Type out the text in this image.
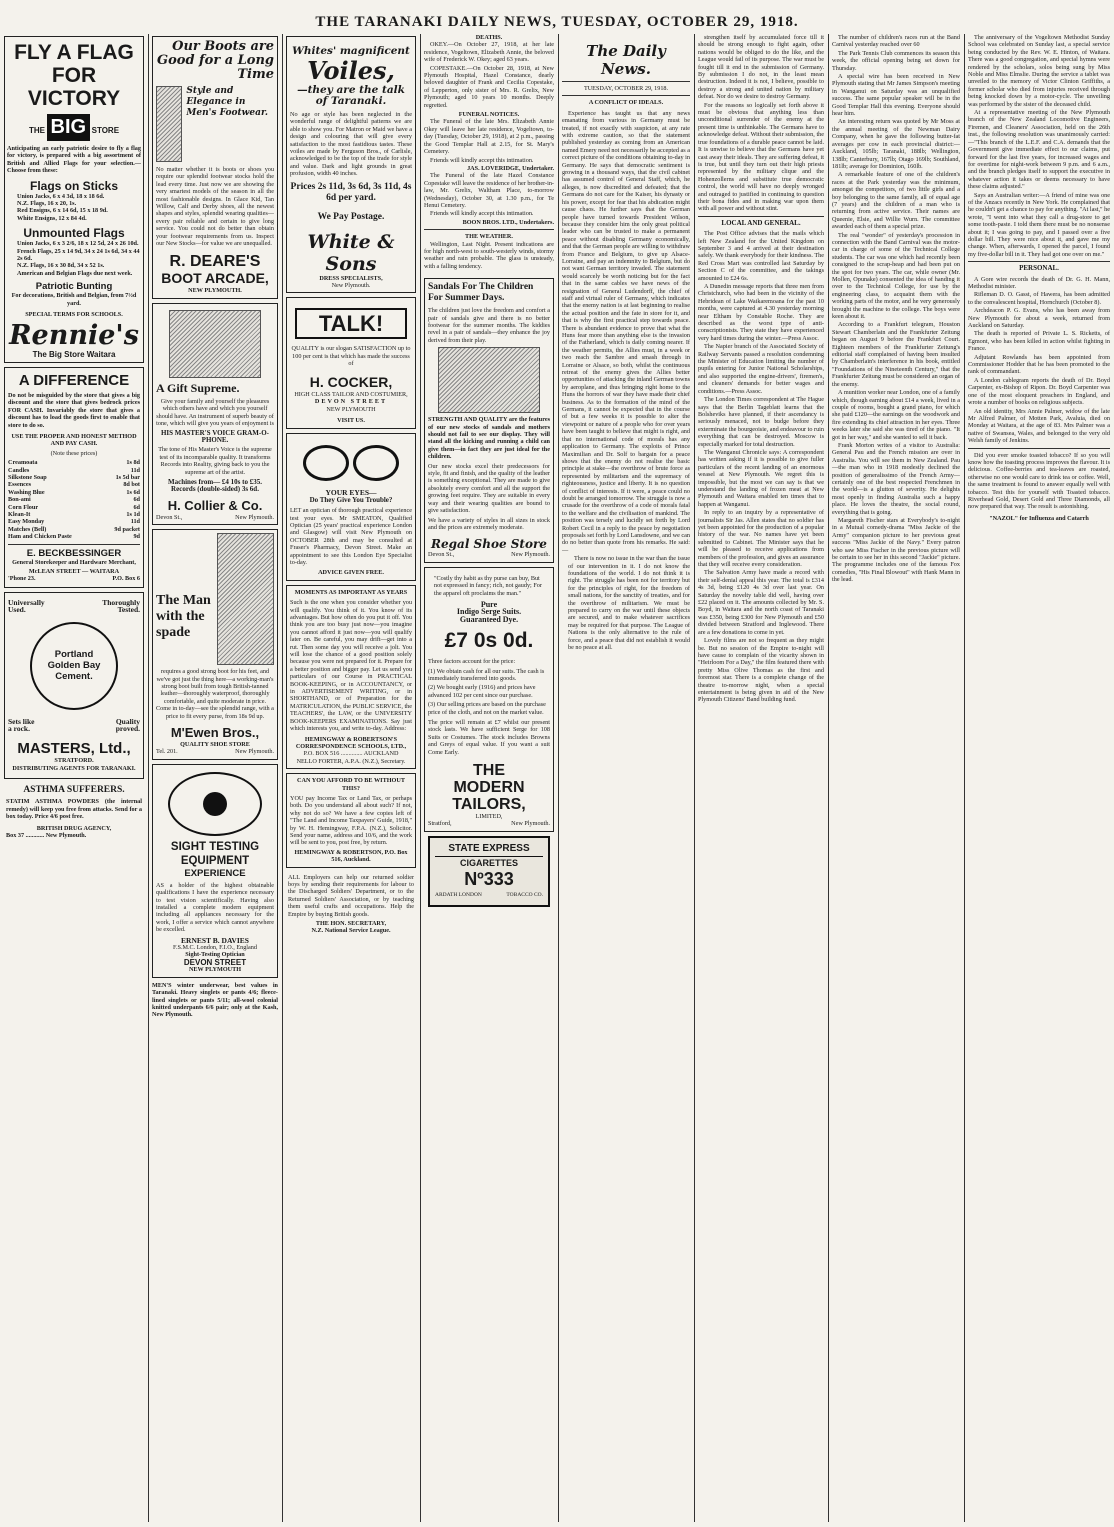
THE TARANAKI DAILY NEWS, TUESDAY, OCTOBER 29, 1918.
FLY A FLAG
FOR VICTORY
THE BIG STORE
Anticipating an early patriotic desire to fly a flag for victory, is prepared with a big assortment of British and Allied Flags for your selection.—Choose from these:
Flags on Sticks
Union Jacks, 6 x 4 3d, 18 x 18 6d.
N.Z. Flags, 16 x 20, 1s.
Red Ensigns, 6 x 14 6d, 15 x 18 9d.
White Ensigns, 12 x 84 4d.
Unmounted Flags
Union Jacks, 6 x 3 2/6, 18 x 12 5d, 24 x 26 10d.
French Flags, 25 x 14 9d, 34 x 24 1s 6d, 34 x 44 2s 6d.
N.Z. Flags, 16 x 30 8d, 34 x 52 1s.
American and Belgian Flags due next week.
Patriotic Bunting
For decorations, British and Belgian, from 7½d yard.
SPECIAL TERMS FOR SCHOOLS.
Rennie's
The Big Store Waitara
A DIFFERENCE
Do not be misguided by the store that gives a big discount and the store that gives bedrock prices FOR CASH. Invariably the store that gives a discount has to load the goods first to enable that store to do so.
USE THE PROPER AND HONEST METHOD AND PAY CASH.
(Note these prices)
Creamoata	1s 8d
Candles	11d
Silkstone Soap	1s 5d bar
Essences	8d bot
Washing Blue	1s 6d
Bon-ami	6d
Corn Flour	6d
Klean-It	1s 1d
Easy Monday	11d
Matches (Bell)	9d packet
Ham and Chicken Paste	9d
E. BECKBESSINGER
General Storekeeper and Hardware Merchant,
McLEAN STREET — WAITARA
'Phone 23.	P.O. Box 6
Universally	Thoroughly
Used.	Tested.
Portland Golden Bay Cement.
Sets like	Quality
a rock.	proved.
MASTERS, Ltd.,
STRATFORD.
DISTRIBUTING AGENTS FOR TARANAKI.
ASTHMA SUFFERERS.
STATIM ASTHMA POWDERS (the internal remedy) will keep you free from attacks. Send for a box today. Price 4/6 post free.
BRITISH DRUG AGENCY,
Box 37 ............ New Plymouth.
Our Boots are Good for a Long Time
Style and Elegance in Men's Footwear.
No matter whether it is boots or shoes you require our splendid footwear stocks hold the lead every time. Just now we are showing the very smartest models of the season in all the most fashionable designs. In Glace Kid, Tan Willow, Calf and Derby shoes, all the newest shapes and styles, splendid wearing qualities—every pair reliable and certain to give long service. You could not do better than obtain your footwear requirements from us. Inspect our New Stocks—for value we are unequalled.
R. DEARE'S
BOOT ARCADE,
NEW PLYMOUTH.
A Gift Supreme.
Give your family and yourself the pleasures which others have and which you yourself should have. An instrument of superb beauty of tone, which will give you years of enjoyment is
HIS MASTER'S VOICE GRAM-O-PHONE.
The tone of His Master's Voice is the supreme test of its incomparable quality. It transforms Records into Reality, giving back to you the supreme art of the artist.
Machines from— £4 10s to £35.
Records (double-sided) 3s 6d.
H. Collier & Co.
Devon St.,	New Plymouth.
The Man with the spade
requires a good strong boot for his feet, and we've got just the thing here—a working-man's strong boot built from tough British-tanned leather—thoroughly waterproof, thoroughly comfortable, and quite moderate in price. Come in to-day—see the splendid range, with a price to fit every purse, from 18s 9d up.
M'Ewen Bros.,
QUALITY SHOE STORE
Tel. 201.	New Plymouth.
SIGHT TESTING
EQUIPMENT
EXPERIENCE
AS a holder of the highest obtainable qualifications I have the experience necessary to test vision scientifically. Having also installed a complete modern equipment including all appliances necessary for the work, I offer a service which cannot anywhere be excelled.
ERNEST B. DAVIES
F.S.M.C. London, F.I.O., England
Sight-Testing Optician
DEVON STREET
NEW PLYMOUTH
MEN'S winter underwear, best values in Taranaki. Heavy singlets or pants 4/6; fleece-lined singlets or pants 5/11; all-wool colonial knitted underpants 6/6 pair; only at the Kash, New Plymouth.
Whites' magnificent
Voiles,
—they are the talk of Taranaki.
No age or style has been neglected in the wonderful range of delightful patterns we are able to show you. For Matron or Maid we have a design and colouring that will give every satisfaction to the most fastidious tastes. These voiles are made by Ferguson Bros., of Carlisle, acknowledged to be the top of the trade for style and value. Dark and light grounds in great profusion, width 40 inches.
Prices 2s 11d, 3s 6d, 3s 11d, 4s 6d per yard.
We Pay Postage.
White & Sons
DRESS SPECIALISTS,
New Plymouth.
TALK!
QUALITY is our slogan SATISFACTION up to 100 per cent is that which has made the success of
H. COCKER,
HIGH CLASS TAILOR AND COSTUMIER,
DEVON STREET
NEW PLYMOUTH
VISIT US.
YOUR EYES—
Do They Give You Trouble?
LET an optician of thorough practical experience test your eyes. Mr SMEATON, Qualified Optician (25 years' practical experience London and Glasgow) will visit New Plymouth on OCTOBER 28th and may be consulted at Fraser's Pharmacy, Devon Street. Make an appointment to see this London Eye Specialist to-day.
ADVICE GIVEN FREE.
MOMENTS AS IMPORTANT AS YEARS
Such is the one when you consider whether you will qualify. You think of it. You know of its advantages. But how often do you put it off. You think you are too busy just now—you imagine you cannot afford it just now—you will qualify later on. Be careful, you may drift—get into a rut. Then some day you will receive a jolt. You will lose the chance of a good position solely because you were not prepared for it. Prepare for a better position and bigger pay. Let us send you particulars of our Course in PRACTICAL BOOK-KEEPING, or in ACCOUNTANCY, or in ADVERTISEMENT WRITING, or in SHORTHAND, or of Preparation for the MATRICULATION, the PUBLIC SERVICE, the TEACHERS', the LAW, or the UNIVERSITY BOOK-KEEPERS EXAMINATIONS. Say just which interests you, and write to-day. Address:
HEMINGWAY & ROBERTSON'S CORRESPONDENCE SCHOOLS, LTD.,
P.O. BOX 516 .............. AUCKLAND
NELLO FORTER, A.P.A. (N.Z.), Secretary.
CAN YOU AFFORD TO BE WITHOUT THIS?
YOU pay Income Tax or Land Tax, or perhaps both. Do you understand all about such? If not, why not do so? We have a few copies left of "The Land and Income Taxpayers' Guide, 1918," by W. H. Hemingway, F.P.A. (N.Z.), Solicitor. Send your name, address and 10/6, and the work will be sent to you, post free, by return.
HEMINGWAY & ROBERTSON, P.O. Box 516, Auckland.
ALL Employers can help our returned soldier boys by sending their requirements for labour to the Discharged Soldiers' Department, or to the Returned Soldiers' Association, or by teaching them useful crafts and occupations. Help the Empire by buying British goods.
THE HON. SECRETARY,
N.Z. National Service League.
DEATHS.
OKEY.—On October 27, 1918, at her late residence, Vogeltown, Elizabeth Annie, the beloved wife of Frederick W. Okey; aged 63 years.
COPESTAKE.—On October 28, 1918, at New Plymouth Hospital, Hazel Constance, dearly beloved daughter of Frank and Cecilia Copestake, of Lepperton, only sister of Mrs. R. Grelix, New Plymouth; aged 10 years 10 months. Deeply regretted.
FUNERAL NOTICES.
The Funeral of the late Mrs. Elizabeth Annie Okey will leave her late residence, Vogeltown, to-day (Tuesday, October 29, 1918), at 2 p.m., passing the Good Templar Hall at 2.15, for St. Mary's Cemetery.
Friends will kindly accept this intimation.
JAS. LOVERIDGE, Undertaker.
The Funeral of the late Hazel Constance Copestake will leave the residence of her brother-in-law, Mr. Grelix, Waltham Place, to-morrow (Wednesday), October 30, at 1.30 p.m., for Te Henui Cemetery.
Friends will kindly accept this intimation.
BOON BROS. LTD., Undertakers.
THE WEATHER.
Wellington, Last Night. Present indications are for high north-west to south-westerly winds, stormy weather and rain probable. The glass is unsteady, with a falling tendency.
Sandals For The Children For Summer Days.
The children just love the freedom and comfort a pair of sandals give and there is no better footwear for the summer months. The kiddies revel in a pair of sandals—they enhance the joy derived from their play.
STRENGTH AND QUALITY are the features of our new stocks of sandals and mothers should not fail to see our display. They will stand all the kicking and running a child can give them—in fact they are just ideal for the children.
Our new stocks excel their predecessors for style, fit and finish, and the quality of the leather is something exceptional. They are made to give absolutely every comfort and all the support the growing feet require. They are suitable in every way and their wearing qualities are bound to give satisfaction.
We have a variety of styles in all sizes in stock and the prices are extremely moderate.
Regal Shoe Store
Devon St.,	New Plymouth.
"Costly thy habit as thy purse can buy, But not expressed in fancy; rich, not gaudy; For the apparel oft proclaims the man."
Pure
Indigo Serge Suits.
Guaranteed Dye.
£7 0s 0d.
Three factors account for the price:
(1) We obtain cash for all our suits. The cash is immediately transferred into goods.
(2) We bought early (1916) and prices have advanced 102 per cent since our purchase.
(3) Our selling prices are based on the purchase price of the cloth, and not on the market value.
The price will remain at £7 whilst our present stock lasts. We have sufficient Serge for 108 Suits or Costumes. The stock includes Browns and Greys of equal value. If you want a suit Come Early.
THE
MODERN
TAILORS,
LIMITED,
Stratford,	New Plymouth.
STATE EXPRESS
CIGARETTES
Nº333
ARDATH LONDON	TOBACCO CO.
The Daily News.
TUESDAY, OCTOBER 29, 1918.
A CONFLICT OF IDEALS.
Experience has taught us that any news emanating from various in Germany must be treated, if not exactly with suspicion, at any rate with extreme caution, so that the statement published yesterday as coming from an American named Emery need not necessarily be accepted as a correct picture of the conditions obtaining to-day in Germany. He says that democratic sentiment is growing in a thousand ways, that the civil cabinet has assumed control of General Staff, which, he alleges, is now discredited and defeated; that the Germans do not care for the Kaiser, his dynasty or his power, except for fear that his abdication might cause chaos. He further says that the German people have turned towards President Wilson, because they consider him the only great political leader who can be trusted to make a permanent peace without disabling Germany economically, and that the German people are willing to withdraw from France and Belgium, to give up Alsace-Lorraine, and pay an indemnity to Belgium, but do not want German territory invaded. The statement would scarcely be worth noticing but for the fact that in the same cables we have news of the resignation of General Ludendorff, the chief of staff and virtual ruler of Germany, which indicates that the enemy nation is at last beginning to realise the actual position and the fate in store for it, and that is why the first practical step towards peace. There is abundant evidence to prove that what the Huns fear more than anything else is the invasion of the Fatherland, which is daily coming nearer. If the weather permits, the Allies must, in a week or two reach the Sambre and smash through in Lorraine or Alsace, so both, whilst the continuous retreat of the enemy gives the Allies better opportunities of attacking the inland German towns by aeroplane, and thus bringing right home to the Huns the horrors of war they have made their chief business. As to the formation of the mind of the Germans, it cannot be expected that in the course of but a few weeks it is possible to alter the viewpoint or nature of a people who for over years have been taught to believe that might is right, and that no international code of morals has any application to Germany. The exploits of Prince Maximilian and Dr. Solf to bargain for a peace shows that the enemy do not realise the basic principle at stake—the overthrow of brute force as represented by militarism and the supremacy of righteousness, justice and liberty. It is no question of conflict of interests. If it were, a peace could no doubt be arranged tomorrow. The struggle is now a crusade for the overthrow of a code of morals fatal to the welfare and the civilisation of mankind. The position was tersely and lucidly set forth by Lord Robert Cecil in a reply to the peace by negotiation proposals set forth by Lord Lansdowne, and we can do no better than quote from his remarks. He said:—
There is now no issue in the war than the issue of our intervention in it. I do not know the foundations of the world. I do not think it is right. The struggle has been not for territory but for the principles of right, for the freedom of small nations, for the sanctity of treaties, and for the overthrow of militarism. We must be prepared to carry on the war until these objects are secured, and to make whatever sacrifices may be required for that purpose. The League of Nations is the only alternative to the rule of force, and a peace that did not establish it would be no peace at all.
strengthen itself by accumulated force till it should be strong enough to fight again, other nations would be obliged to do the like, and the League would fail of its purpose. The war must be fought till it end in the submission of Germany. By submission I do not, in the least mean destruction. Indeed it is not, I believe, possible to destroy a strong and united nation by military defeat. Nor do we desire to destroy Germany.
For the reasons so logically set forth above it must be obvious that anything less than unconditional surrender of the enemy at the present time is unthinkable. The Germans have to acknowledge defeat. Without their submission, the true foundations of a durable peace cannot be laid. It is unwise to believe that the Germans have yet cast away their ideals. They are suffering defeat, it is true, but until they turn out their high priests represented by the military clique and the Hohenzollerns and substitute true democratic control, the world will have no deeply wronged and outraged to justified in continuing to question their bona fides and in making war upon them with all power and without stint.
LOCAL AND GENERAL.
The Post Office advises that the mails which left New Zealand for the United Kingdom on September 3 and 4 arrived at their destination safely. We thank everybody for their kindness. The Red Cross Mart was controlled last Saturday by Section C of the committee, and the takings amounted to £24 6s.
A Dunedin message reports that three men from Christchurch, who had been in the vicinity of the Hebridean of Lake Waikaremoana for the past 10 months, were captured at 4.30 yesterday morning near Eltham by Constable Roche. They are described as the worst type of anti-conscriptionists. They state they have experienced very hard times during the winter.—Press Assoc.
The Napier branch of the Associated Society of Railway Servants passed a resolution condemning the Minister of Education limiting the number of pupils entering for Junior National Scholarships, and also supported the engine-drivers', firemen's, and cleaners' demands for better wages and conditions.—Press Assoc.
The London Times correspondent at The Hague says that the Berlin Tageblatt learns that the Bolsheviks have planned, if their ascendancy is seriously menaced, not to budge before they exterminate the bourgeoisie, and endeavour to ruin everything that can be destroyed. Moscow is especially marked for total destruction.
The Wanganui Chronicle says: A correspondent has written asking if it is possible to give fuller particulars of the recent landing of an enormous weasel at New Plymouth. We regret this is impossible, but the most we can say is that we understand the landing of frozen meat at New Plymouth and Waitara enabled ten times that to happen at Wanganui.
In reply to an inquiry by a representative of journalists Sir Jas. Allen states that no soldier has yet been appointed for the production of a popular history of the war. No names have yet been submitted to Cabinet. The Minister says that he will be pleased to receive applications from members of the profession, and gives an assurance that they will receive every consideration.
The Salvation Army have made a record with their self-denial appeal this year. The total is £314 4s 3d, being £120 4s 3d over last year. On Saturday the novelty table did well, having over £22 placed on it. The amounts collected by Mr. S. Boyd, in Waitara and the north coast of Taranaki was £350, being £300 for New Plymouth and £50 divided between Stratford and Inglewood. There are a few donations to come in yet.
Lovely films are not so frequent as they might be. But no session of the Empire to-night will have cause to complain of the vicarity shown in "Heirloom For a Day," the film featured there with pretty Miss Olive Thomas as the first and foremost star. There is a complete change of the theatre to-morrow night, when a special entertainment is being given in aid of the New Plymouth Citizens' Band building fund.
The number of children's races run at the Band Carnival yesterday reached over 60
The Park Tennis Club commences its season this week, the official opening being set down for Thursday.
A special wire has been received in New Plymouth stating that Mr James Simpson's meeting in Wanganui on Saturday was an unqualified success. The same popular speaker will be in the Good Templar Hall this evening. Everyone should hear him.
An interesting return was quoted by Mr Moss at the annual meeting of the Newman Dairy Company, when he gave the following butter-fat averages per cow in each provincial district:—Auckland, 105lb; Taranaki, 188lb; Wellington, 138lb; Canterbury, 167lb; Otago 169lb; Southland, 181lb; average for Dominion, 160lb.
A remarkable feature of one of the children's races at the Park yesterday was the minimum, amongst the competitors, of two little girls and a boy belonging to the same family, all of equal age (7 years) and the children of a man who is returning from active service. Their names are Queenie, Elsie, and Willie Wurn. The committee awarded each of them a special prize.
The real "wonder" of yesterday's procession in connection with the Band Carnival was the motor-car in charge of some of the Technical College students. The car was one which had recently been consigned to the scrap-heap and had been put on the spot for two years. The car, while owner (Mr. Mollen, Opunake) consented the idea of handing it over to the Technical College, for use by the engineering class, to acquaint them with the working parts of the motor, and he very generously brought the machine to the college. The boys were keen about it.
According to a Frankfurt telegram, Houston Stewart Chamberlain and the Frankfurter Zeitung began on August 9 before the Frankfurt Court. Eighteen members of the Frankfurter Zeitung's editorial staff complained of having been insulted by Chamberlain's interference in his book, entitled "Foundations of the Nineteenth Century," that the Frankfurter Zeitung must be considered an organ of the enemy.
A munition worker near London, one of a family which, though earning about £14 a week, lived in a couple of rooms, bought a grand piano, for which she paid £120—the earnings on the woodwork and fire extending its chief attraction in her eyes. Three weeks later she said she was tired of the piano. "It got in her way," and she wanted to sell it back.
Frank Morton writes of a visitor to Australia: General Pau and the French mission are over in Australia. You will see them in New Zealand. Pau—the man who in 1918 modestly declined the position of generalissimo of the French Army—certainly one of the best respected Frenchmen in the world—is a glutton of severity. He delights most openly in finding Australia such a happy place. He loves the theatre, the social round, everything that is going.
Margareth Fischer stars at Everybody's to-night in a Mutual comedy-drama "Miss Jackie of the Army" companion picture to her previous great success "Miss Jackie of the Navy." Every patron who saw Miss Fischer in the previous picture will be certain to see her in this second "Jackie" picture. The programme includes one of the famous Fox comedies, "His Final Blowout" with Hank Mann in the lead.
The anniversary of the Vogeltown Methodist Sunday School was celebrated on Sunday last, a special service being conducted by the Rev. W. E. Hinton, of Waitara. There was a good congregation, and special hymns were rendered by the scholars, solos being sung by Miss Noble and Miss Elmslie. During the service a tablet was unveiled to the memory of Victor Clinton Griffiths, a former scholar who died from injuries received through being knocked down by a motor-cycle. The unveiling was performed by the sister of the deceased child.
At a representative meeting of the New Plymouth branch of the New Zealand Locomotive Engineers, Firemen, and Cleaners' Association, held on the 26th inst., the following resolution was unanimously carried:—"This branch of the L.E.F. and C.A. demands that the Government give immediate effect to our claims, put forward for the last five years, for increased wages and for overtime for night-work between 9 p.m. and 6 a.m., and the branch pledges itself to support the executive in whatever action it takes or deems necessary to have these claims adjusted."
Says an Australian writer:—A friend of mine was one of the Anzacs recently in New York. He complained that he couldn't get a chance to pay for anything. "At last," he wrote, "I went into what they call a drug-store to get some tooth-paste. I told them there must be no nonsense about it; I was going to pay, and I passed over a five dollar bill. They were nice about it, and gave me my change. When, afterwards, I opened the parcel, I found my five-dollar bill in it. They had got one over on me."
PERSONAL.
A Gore wire records the death of Dr. G. H. Mann, Methodist minister.
Rifleman D. O. Gasst, of Hawera, has been admitted to the convalescent hospital, Hornchurch (October 8).
Archdeacon P. G. Evans, who has been away from New Plymouth for about a week, returned from Auckland on Saturday.
The death is reported of Private L. S. Ricketts, of Egmont, who has been killed in action whilst fighting in France.
Adjutant Rowlands has been appointed from Commissioner Hodder that he has been promoted to the rank of commandant.
A London cablegram reports the death of Dr. Boyd Carpenter, ex-Bishop of Ripon. Dr. Boyd Carpenter was one of the most eloquent preachers in England, and wrote a number of books on religious subjects.
An old identity, Mrs Annie Palmer, widow of the late Mr Alfred Palmer, of Motten Park, Avaluia, died on Monday at Waitara, at the age of 83. Mrs Palmer was a native of Swansea, Wales, and belonged to the very old Welsh family of Jenkins.
Did you ever smoke toasted tobacco? If so you will know how the toasting process improves the flavour. It is delicious. Coffee-berries and tea-leaves are roasted, otherwise no one would care to drink tea or coffee. Well, the same treatment is found to answer equally well with tobacco. Test this for yourself with Toasted tobacco. Riverhead Gold, Desert Gold and Three Diamonds, all now prepared that way. The result is astonishing.
"NAZOL" for Influenza and Catarrh
